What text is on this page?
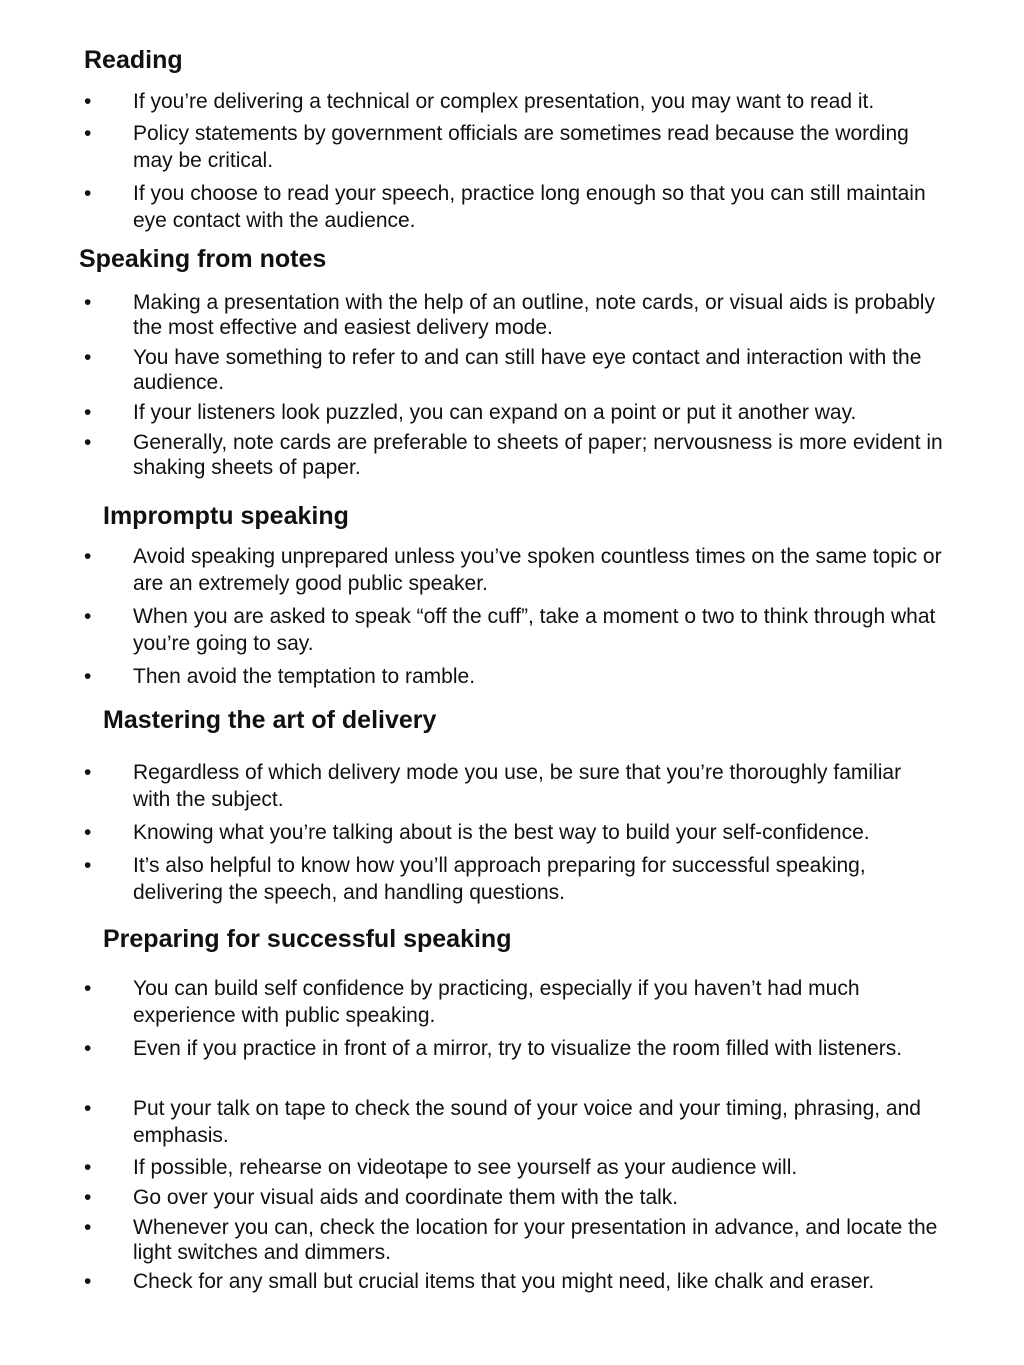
Reading
•	If you’re delivering a technical or complex presentation, you may want to read it.
•	Policy statements by government officials are sometimes read because the wording may be critical.
•	If you choose to read your speech, practice long enough so that you can still maintain eye contact with the audience.
Speaking from notes
•	Making a presentation with the help of an outline, note cards, or visual aids is probably the most effective and easiest delivery mode.
•	You have something to refer to and can still have eye contact and interaction with the audience.
•	If your listeners look puzzled, you can expand on a point or put it another way.
•	Generally, note cards are preferable to sheets of paper; nervousness is more evident in shaking sheets of paper.
Impromptu speaking
•	Avoid speaking unprepared unless you’ve spoken countless times on the same topic or are an extremely good public speaker.
•	When you are asked to speak “off the cuff”, take a moment o two to think through what you’re going to say.
•	Then avoid the temptation to ramble.
Mastering the art of delivery
•	Regardless of which delivery mode you use, be sure that you’re thoroughly familiar with the subject.
•	Knowing what you’re talking about is the best way to build your self-confidence.
•	It’s also helpful to know how you’ll approach preparing for successful speaking, delivering the speech, and handling questions.
Preparing for successful speaking
•	You can build self confidence by practicing, especially if you haven’t had much experience with public speaking.
•	Even if you practice in front of a mirror, try to visualize the room filled with listeners.
•	Put your talk on tape to check the sound of your voice and your timing, phrasing, and emphasis.
•	If possible, rehearse on videotape to see yourself as your audience will.
•	Go over your visual aids and coordinate them with the talk.
•	Whenever you can, check the location for your presentation in advance, and locate the light switches and dimmers.
•	Check for any small but crucial items that you might need, like chalk and eraser.
